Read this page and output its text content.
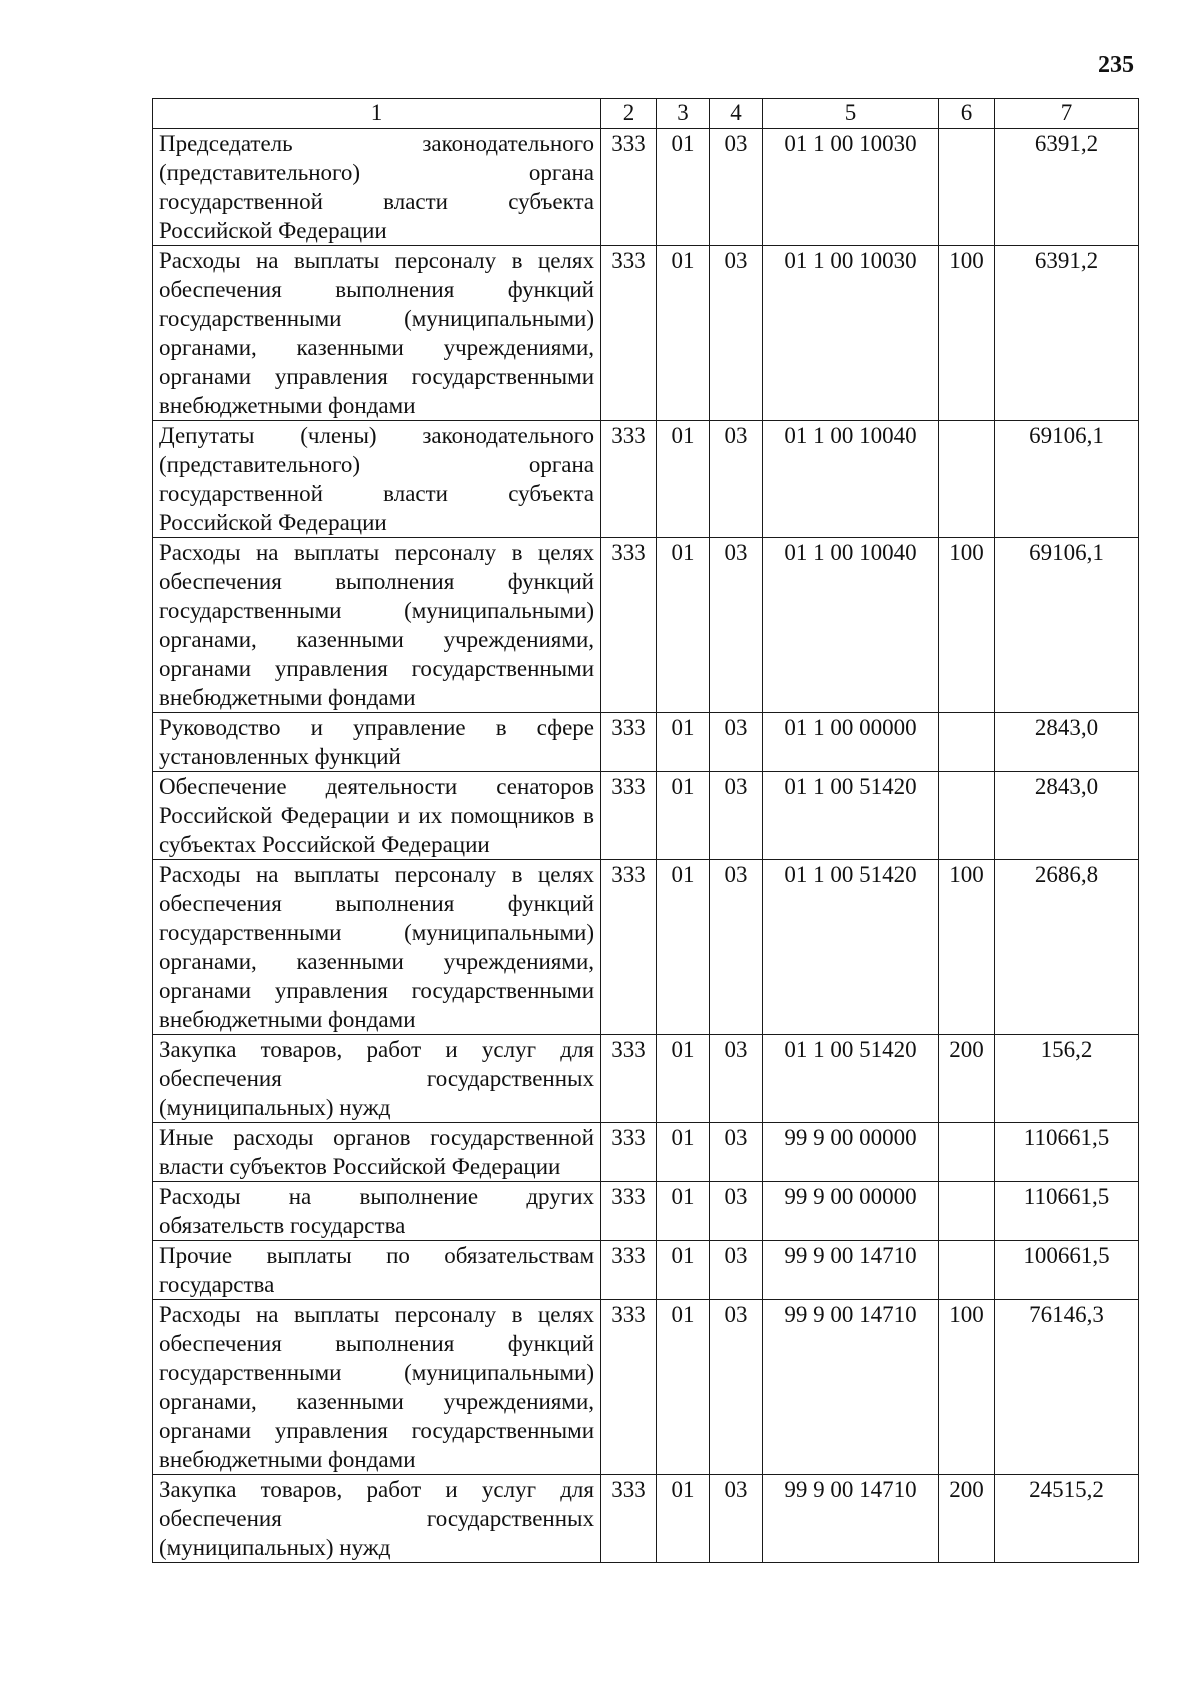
235
1	2	3	4	5	6	7
Председатель законодательного (представительного) органа государственной власти субъекта Российской Федерации	333	01	03	01 1 00 10030		6391,2
Расходы на выплаты персоналу в целях обеспечения выполнения функций государственными (муниципальными) органами, казенными учреждениями, органами управления государственными внебюджетными фондами	333	01	03	01 1 00 10030	100	6391,2
Депутаты (члены) законодательного (представительного) органа государственной власти субъекта Российской Федерации	333	01	03	01 1 00 10040		69106,1
Расходы на выплаты персоналу в целях обеспечения выполнения функций государственными (муниципальными) органами, казенными учреждениями, органами управления государственными внебюджетными фондами	333	01	03	01 1 00 10040	100	69106,1
Руководство и управление в сфере установленных функций	333	01	03	01 1 00 00000		2843,0
Обеспечение деятельности сенаторов Российской Федерации и их помощников в субъектах Российской Федерации	333	01	03	01 1 00 51420		2843,0
Расходы на выплаты персоналу в целях обеспечения выполнения функций государственными (муниципальными) органами, казенными учреждениями, органами управления государственными внебюджетными фондами	333	01	03	01 1 00 51420	100	2686,8
Закупка товаров, работ и услуг для обеспечения государственных (муниципальных) нужд	333	01	03	01 1 00 51420	200	156,2
Иные расходы органов государственной власти субъектов Российской Федерации	333	01	03	99 9 00 00000		110661,5
Расходы на выполнение других обязательств государства	333	01	03	99 9 00 00000		110661,5
Прочие выплаты по обязательствам государства	333	01	03	99 9 00 14710		100661,5
Расходы на выплаты персоналу в целях обеспечения выполнения функций государственными (муниципальными) органами, казенными учреждениями, органами управления государственными внебюджетными фондами	333	01	03	99 9 00 14710	100	76146,3
Закупка товаров, работ и услуг для обеспечения государственных (муниципальных) нужд	333	01	03	99 9 00 14710	200	24515,2
